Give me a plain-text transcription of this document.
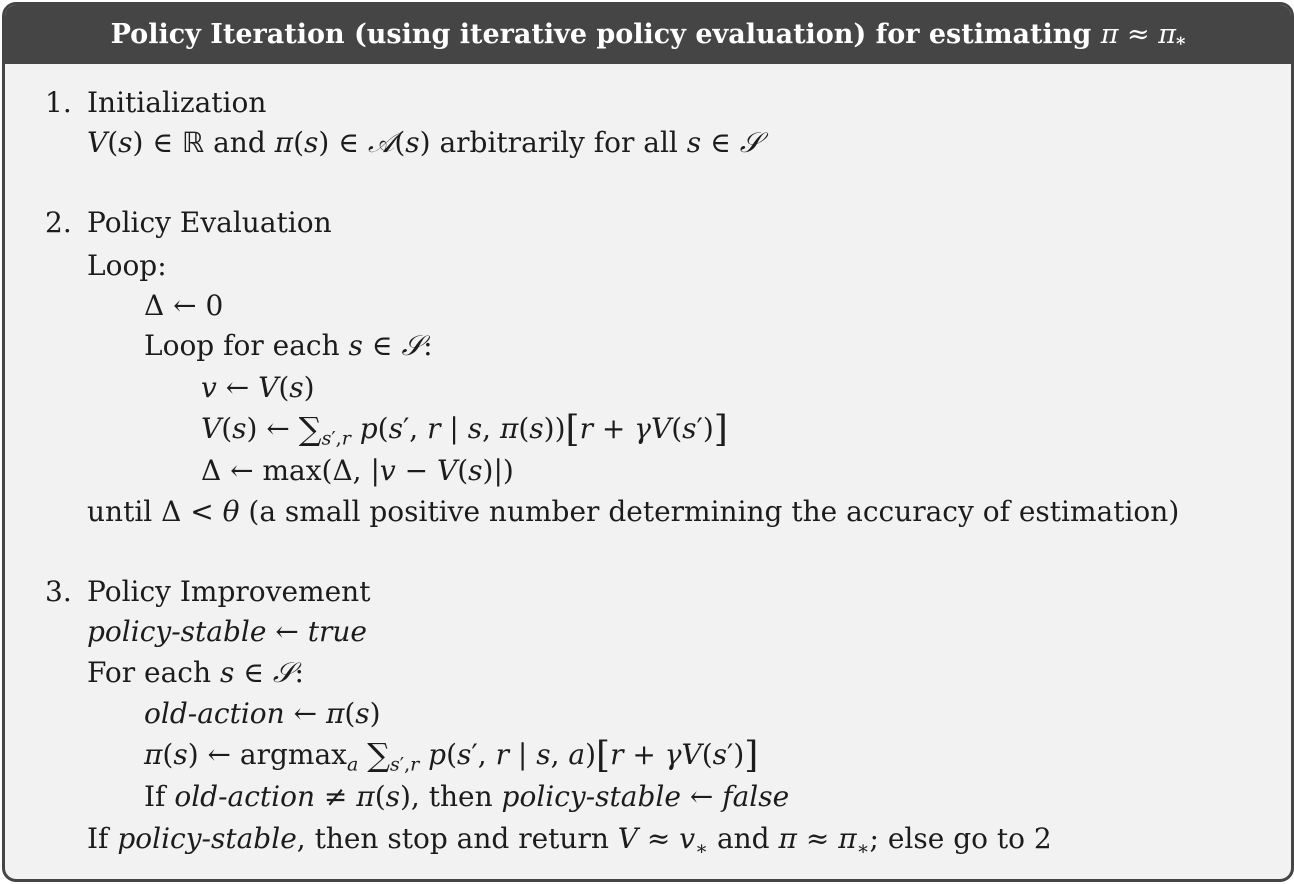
Policy Iteration (using iterative policy evaluation) for estimating $\pi \approx \pi_*$
1. Initialization
V(s) ∈ ℝ and π(s) ∈ 𝒜(s) arbitrarily for all s ∈ 𝒮
2. Policy Evaluation
Loop:
Δ ← 0
Loop for each s ∈ 𝒮:
v ← V(s)
V(s) ← $\sum_{s',r}$ p(s′, r | s, π(s))[r + γV(s′)]
Δ ← max(Δ, |v − V(s)|)
until Δ < θ (a small positive number determining the accuracy of estimation)
3. Policy Improvement
policy-stable ← true
For each s ∈ 𝒮:
old-action ← π(s)
π(s) ← argmax$_a$ $\sum_{s',r}$ p(s′, r | s, a)[r + γV(s′)]
If old-action ≠ π(s), then policy-stable ← false
If policy-stable, then stop and return $V \approx v_∗$ and $\pi \approx \pi_∗$; else go to 2
